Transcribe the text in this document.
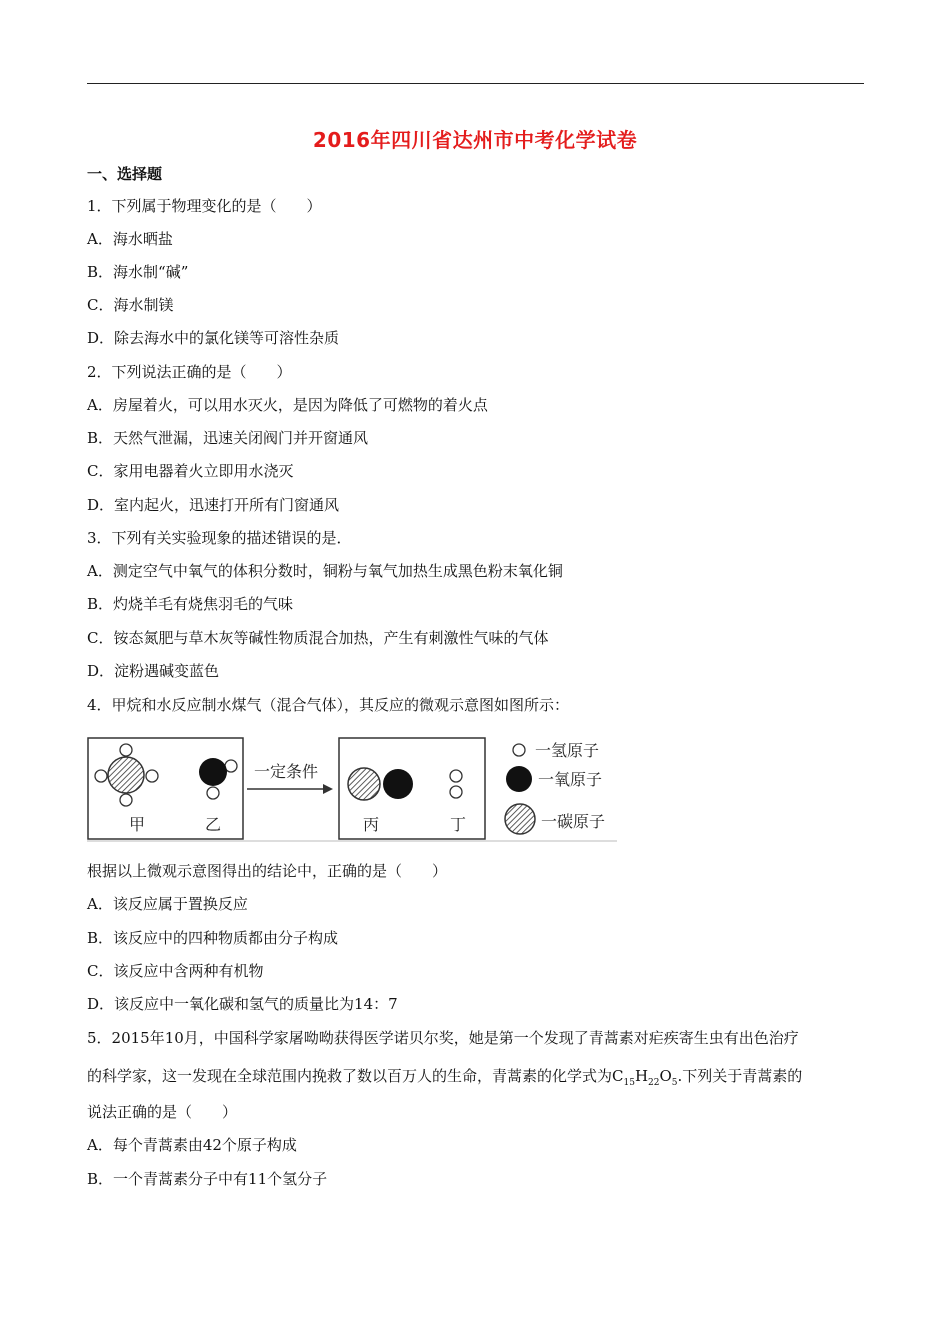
2016年四川省达州市中考化学试卷
一、选择题
1．下列属于物理变化的是（　　）
A．海水晒盐
B．海水制“碱”
C．海水制镁
D．除去海水中的氯化镁等可溶性杂质
2．下列说法正确的是（　　）
A．房屋着火，可以用水灭火，是因为降低了可燃物的着火点
B．天然气泄漏，迅速关闭阀门并开窗通风
C．家用电器着火立即用水浇灭
D．室内起火，迅速打开所有门窗通风
3．下列有关实验现象的描述错误的是．
A．测定空气中氧气的体积分数时，铜粉与氧气加热生成黑色粉末氧化铜
B．灼烧羊毛有烧焦羽毛的气味
C．铵态氮肥与草木灰等碱性物质混合加热，产生有刺激性气味的气体
D．淀粉遇碱变蓝色
4．甲烷和水反应制水煤气（混合气体），其反应的微观示意图如图所示：
甲	乙
一定条件
丙	丁
一氢原子
一氧原子
一碳原子
根据以上微观示意图得出的结论中，正确的是（　　）
A．该反应属于置换反应
B．该反应中的四种物质都由分子构成
C．该反应中含两种有机物
D．该反应中一氧化碳和氢气的质量比为14：7
5．2015年10月，中国科学家屠呦呦获得医学诺贝尔奖，她是第一个发现了青蒿素对疟疾寄生虫有出色治疗
的科学家，这一发现在全球范围内挽救了数以百万人的生命，青蒿素的化学式为$C_{15}H_{22}O_5$.下列关于青蒿素的
说法正确的是（　　）
A．每个青蒿素由42个原子构成
B．一个青蒿素分子中有11个氢分子
